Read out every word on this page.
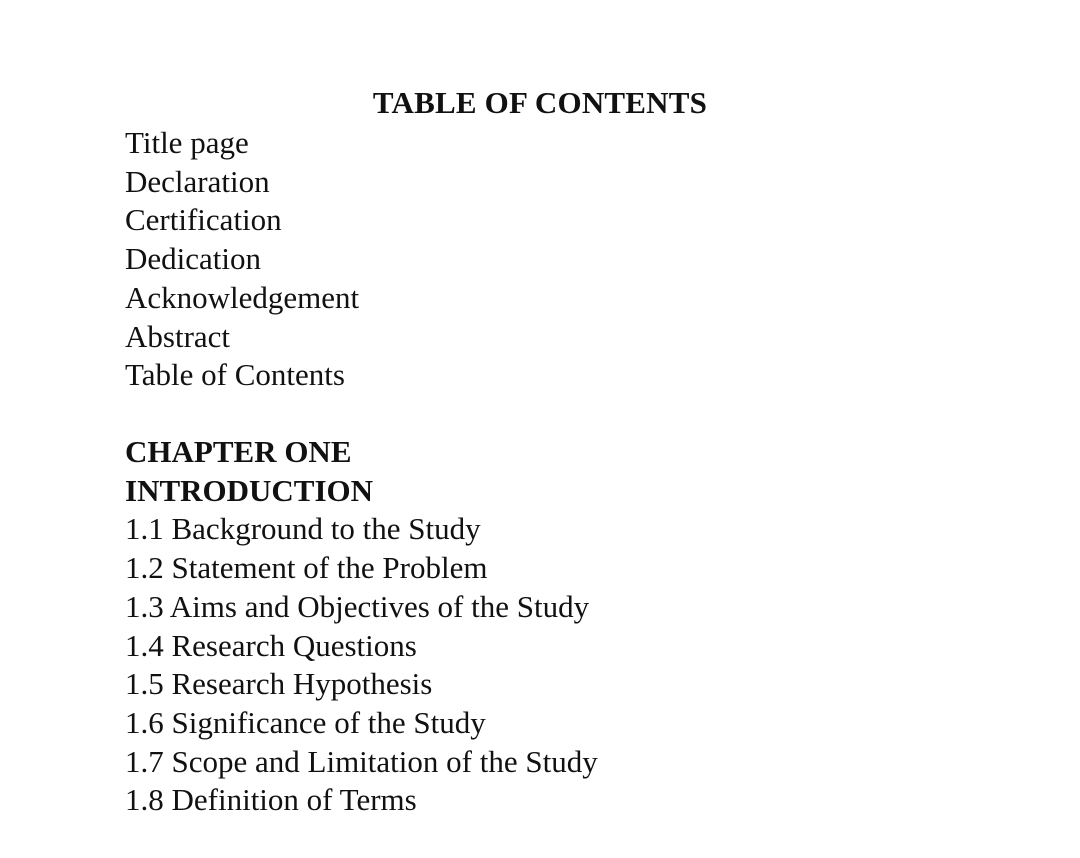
TABLE OF CONTENTS
Title page
Declaration
Certification
Dedication
Acknowledgement
Abstract
Table of Contents
CHAPTER ONE
INTRODUCTION
1.1 Background to the Study
1.2 Statement of the Problem
1.3 Aims and Objectives of the Study
1.4 Research Questions
1.5 Research Hypothesis
1.6 Significance of the Study
1.7 Scope and Limitation of the Study
1.8 Definition of Terms
